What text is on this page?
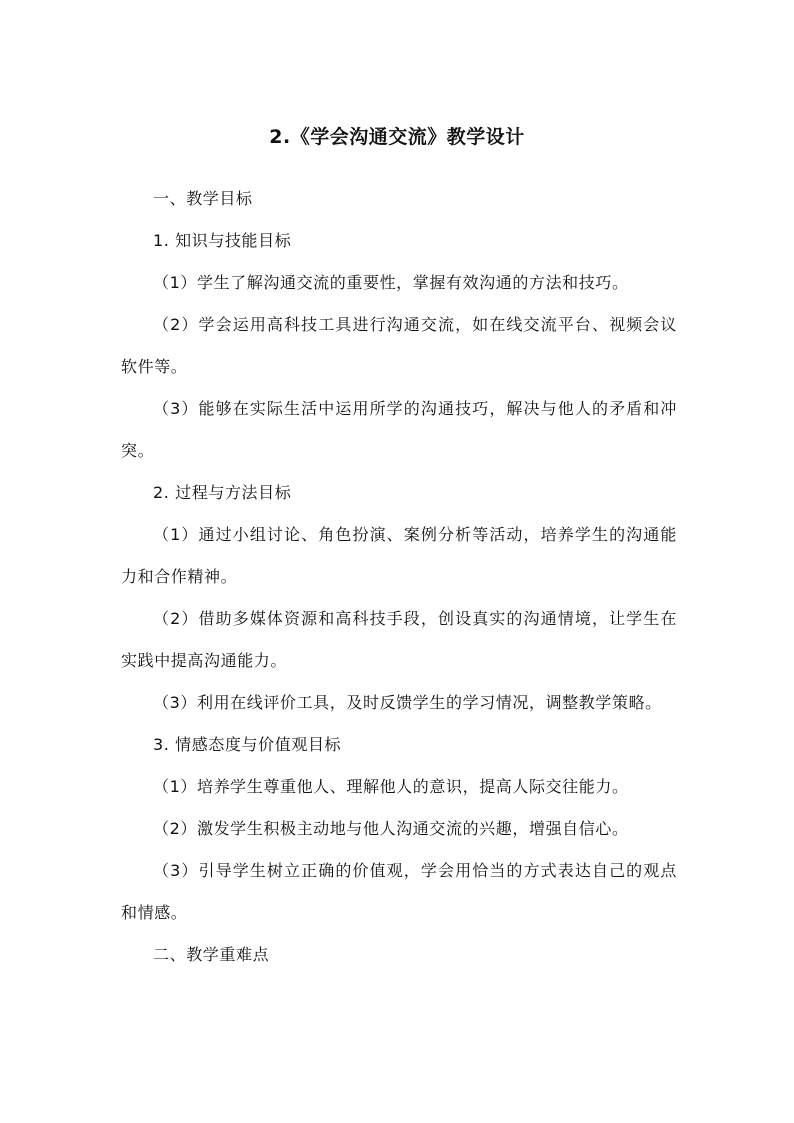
2.《学会沟通交流》教学设计

一、教学目标

1. 知识与技能目标

（1）学生了解沟通交流的重要性，掌握有效沟通的方法和技巧。

（2）学会运用高科技工具进行沟通交流，如在线交流平台、视频会议软件等。

（3）能够在实际生活中运用所学的沟通技巧，解决与他人的矛盾和冲突。

2. 过程与方法目标

（1）通过小组讨论、角色扮演、案例分析等活动，培养学生的沟通能力和合作精神。

（2）借助多媒体资源和高科技手段，创设真实的沟通情境，让学生在实践中提高沟通能力。

（3）利用在线评价工具，及时反馈学生的学习情况，调整教学策略。

3. 情感态度与价值观目标

（1）培养学生尊重他人、理解他人的意识，提高人际交往能力。

（2）激发学生积极主动地与他人沟通交流的兴趣，增强自信心。

（3）引导学生树立正确的价值观，学会用恰当的方式表达自己的观点和情感。

二、教学重难点
